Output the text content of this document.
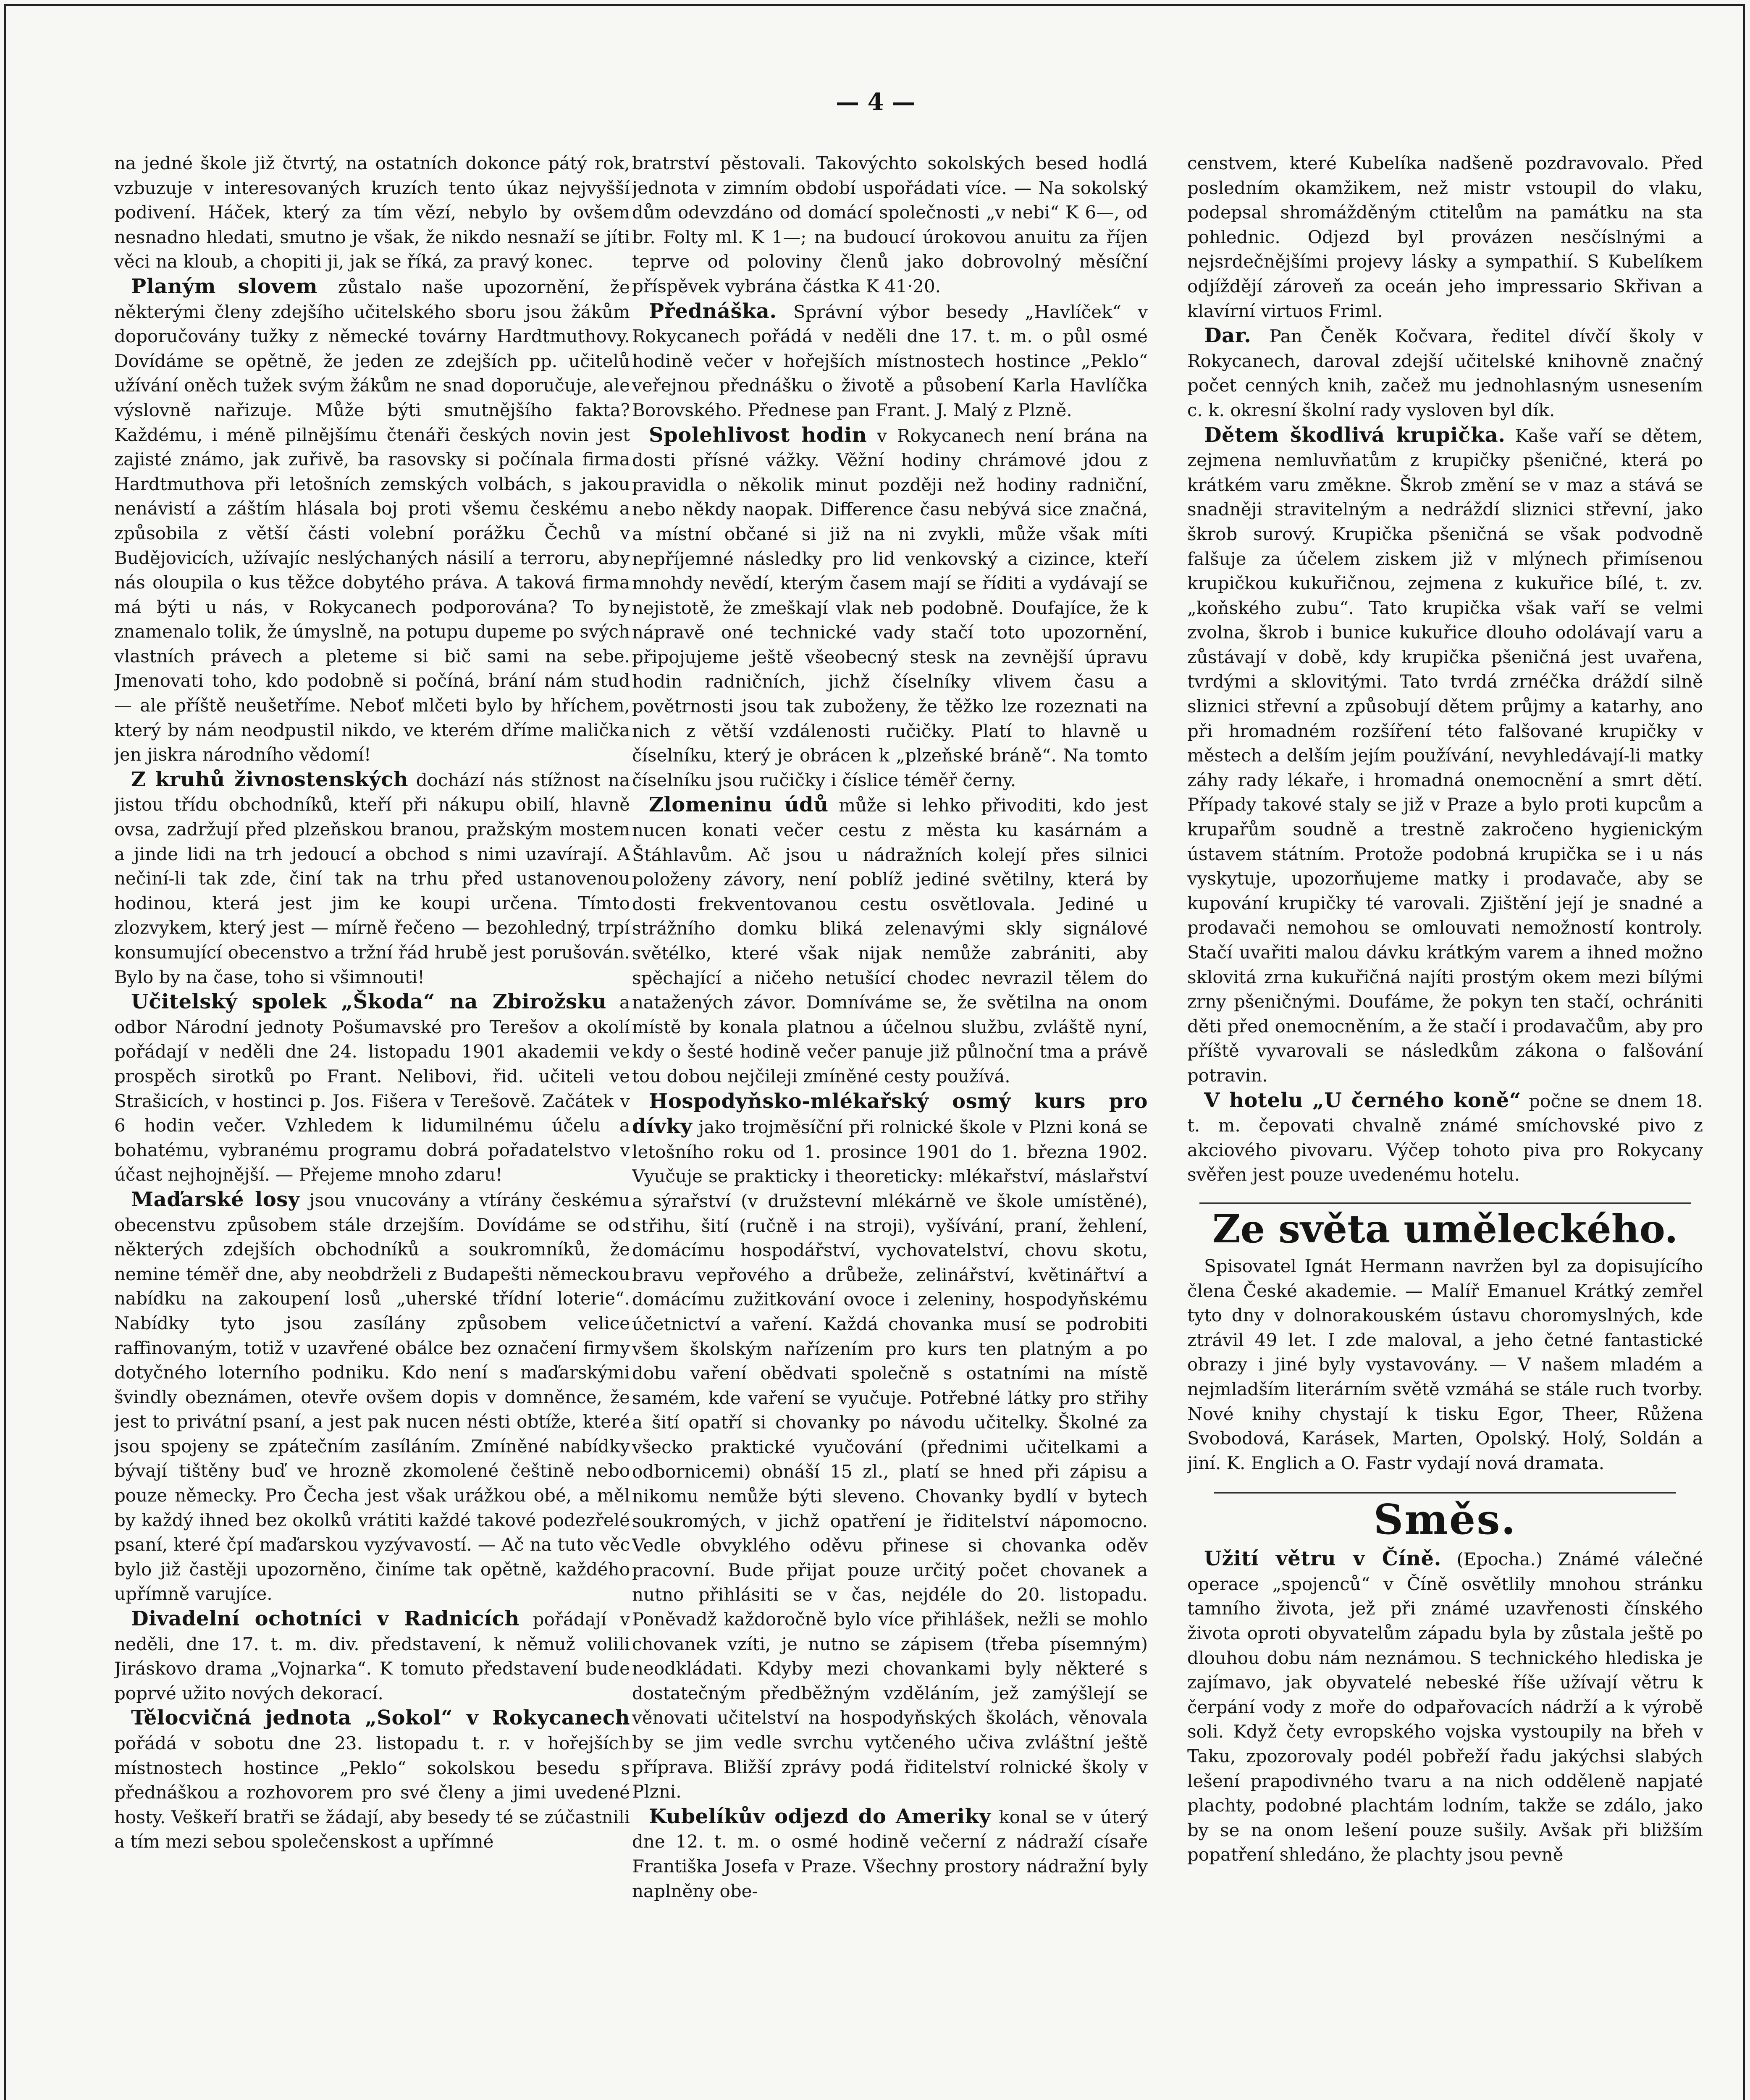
— 4 —

na jedné škole již čtvrtý, na ostatních dokonce pátý rok, vzbuzuje v interesovaných kruzích tento úkaz nejvyšší podivení. Háček, který za tím vězí, nebylo by ovšem nesnadno hledati, smutno je však, že nikdo nesnaží se jíti věci na kloub, a chopiti ji, jak se říká, za pravý konec.

Planým slovem zůstalo naše upozornění, že některými členy zdejšího učitelského sboru jsou žákům doporučovány tužky z německé továrny Hardtmuthovy. Dovídáme se opětně, že jeden ze zdejších pp. učitelů užívání oněch tužek svým žákům ne snad doporučuje, ale výslovně nařizuje. Může býti smutnějšího fakta? Každému, i méně pilnějšímu čtenáři českých novin jest zajisté známo, jak zuřivě, ba rasovsky si počínala firma Hardtmuthova při letošních zemských volbách, s jakou nenávistí a záštím hlásala boj proti všemu českému a způsobila z větší části volební porážku Čechů v Budějovicích, užívajíc neslýchaných násilí a terroru, aby nás oloupila o kus těžce dobytého práva. A taková firma má býti u nás, v Rokycanech podporována? To by znamenalo tolik, že úmyslně, na potupu dupeme po svých vlastních právech a pleteme si bič sami na sebe. Jmenovati toho, kdo podobně si počíná, brání nám stud — ale příště neušetříme. Neboť mlčeti bylo by hříchem, který by nám neodpustil nikdo, ve kterém dříme malička jen jiskra národního vědomí!

Z kruhů živnostenských dochází nás stížnost na jistou třídu obchodníků, kteří při nákupu obilí, hlavně ovsa, zadržují před plzeňskou branou, pražským mostem a jinde lidi na trh jedoucí a obchod s nimi uzavírají. A nečiní-li tak zde, činí tak na trhu před ustanovenou hodinou, která jest jim ke koupi určena. Tímto zlozvykem, který jest — mírně řečeno — bezohledný, trpí konsumující obecenstvo a tržní řád hrubě jest porušován. Bylo by na čase, toho si všimnouti!

Učitelský spolek „Škoda“ na Zbirožsku a odbor Národní jednoty Pošumavské pro Terešov a okolí pořádají v neděli dne 24. listopadu 1901 akademii ve prospěch sirotků po Frant. Nelibovi, řid. učiteli ve Strašicích, v hostinci p. Jos. Fišera v Terešově. Začátek v 6 hodin večer. Vzhledem k lidumilnému účelu a bohatému, vybranému programu dobrá pořadatelstvo v účast nejhojnější. — Přejeme mnoho zdaru!

Maďarské losy jsou vnucovány a vtírány českému obecenstvu způsobem stále drzejším. Dovídáme se od některých zdejších obchodníků a soukromníků, že nemine téměř dne, aby neobdrželi z Budapešti německou nabídku na zakoupení losů „uherské třídní loterie“. Nabídky tyto jsou zasílány způsobem velice raffinovaným, totiž v uzavřené obálce bez označení firmy dotyčného loterního podniku. Kdo není s maďarskými švindly obeznámen, otevře ovšem dopis v domněnce, že jest to privátní psaní, a jest pak nucen nésti obtíže, které jsou spojeny se zpátečním zasíláním. Zmíněné nabídky bývají tištěny buď ve hrozně zkomolené češtině nebo pouze německy. Pro Čecha jest však urážkou obé, a měl by každý ihned bez okolků vrátiti každé takové podezřelé psaní, které čpí maďarskou vyzývavostí. — Ač na tuto věc bylo již častěji upozorněno, činíme tak opětně, každého upřímně varujíce.

Divadelní ochotníci v Radnicích pořádají v neděli, dne 17. t. m. div. představení, k němuž volili Jiráskovo drama „Vojnarka“. K tomuto představení bude poprvé užito nových dekorací.

Tělocvičná jednota „Sokol“ v Rokycanech pořádá v sobotu dne 23. listopadu t. r. v hořejších místnostech hostince „Peklo“ sokolskou besedu s přednáškou a rozhovorem pro své členy a jimi uvedené hosty. Veškeří bratři se žádají, aby besedy té se zúčastnili a tím mezi sebou společenskost a upřímné

bratrství pěstovali. Takovýchto sokolských besed hodlá jednota v zimním období uspořádati více. — Na sokolský dům odevzdáno od domácí společnosti „v nebi“ K 6—, od br. Folty ml. K 1—; na budoucí úrokovou anuitu za říjen teprve od poloviny členů jako dobrovolný měsíční příspěvek vybrána částka K 41·20.

Přednáška. Správní výbor besedy „Havlíček“ v Rokycanech pořádá v neděli dne 17. t. m. o půl osmé hodině večer v hořejších místnostech hostince „Peklo“ veřejnou přednášku o životě a působení Karla Havlíčka Borovského. Přednese pan Frant. J. Malý z Plzně.

Spolehlivost hodin v Rokycanech není brána na dosti přísné vážky. Věžní hodiny chrámové jdou z pravidla o několik minut později než hodiny radniční, nebo někdy naopak. Difference času nebývá sice značná, a místní občané si již na ni zvykli, může však míti nepříjemné následky pro lid venkovský a cizince, kteří mnohdy nevědí, kterým časem mají se říditi a vydávají se nejistotě, že zmeškají vlak neb podobně. Doufajíce, že k nápravě oné technické vady stačí toto upozornění, připojujeme ještě všeobecný stesk na zevnější úpravu hodin radničních, jichž číselníky vlivem času a povětrnosti jsou tak zuboženy, že těžko lze rozeznati na nich z větší vzdálenosti ručičky. Platí to hlavně u číselníku, který je obrácen k „plzeňské bráně“. Na tomto číselníku jsou ručičky i číslice téměř černy.

Zlomeninu údů může si lehko přivoditi, kdo jest nucen konati večer cestu z města ku kasárnám a Štáhlavům. Ač jsou u nádražních kolejí přes silnici položeny závory, není poblíž jediné světilny, která by dosti frekventovanou cestu osvětlovala. Jediné u strážního domku bliká zelenavými skly signálové světélko, které však nijak nemůže zabrániti, aby spěchající a ničeho netušící chodec nevrazil tělem do natažených závor. Domníváme se, že světilna na onom místě by konala platnou a účelnou službu, zvláště nyní, kdy o šesté hodině večer panuje již půlnoční tma a právě tou dobou nejčileji zmíněné cesty používá.

Hospodyňsko-mlékařský osmý kurs pro dívky jako trojměsíční při rolnické škole v Plzni koná se letošního roku od 1. prosince 1901 do 1. března 1902. Vyučuje se prakticky i theoreticky: mlékařství, máslařství a sýrařství (v družstevní mlékárně ve škole umístěné), střihu, šití (ručně i na stroji), vyšívání, praní, žehlení, domácímu hospodářství, vychovatelství, chovu skotu, bravu vepřového a drůbeže, zelinářství, květinářtví a domácímu zužitkování ovoce i zeleniny, hospodyňskému účetnictví a vaření. Každá chovanka musí se podrobiti všem školským nařízením pro kurs ten platným a po dobu vaření obědvati společně s ostatními na místě samém, kde vaření se vyučuje. Potřebné látky pro střihy a šití opatří si chovanky po návodu učitelky. Školné za všecko praktické vyučování (přednimi učitelkami a odbornicemi) obnáší 15 zl., platí se hned při zápisu a nikomu nemůže býti sleveno. Chovanky bydlí v bytech soukromých, v jichž opatření je řiditelství nápomocno. Vedle obvyklého oděvu přinese si chovanka oděv pracovní. Bude přijat pouze určitý počet chovanek a nutno přihlásiti se v čas, nejdéle do 20. listopadu. Poněvadž každoročně bylo více přihlášek, nežli se mohlo chovanek vzíti, je nutno se zápisem (třeba písemným) neodkládati. Kdyby mezi chovankami byly některé s dostatečným předběžným vzděláním, jež zamýšlejí se věnovati učitelství na hospodyňských školách, věnovala by se jim vedle svrchu vytčeného učiva zvláštní ještě příprava. Bližší zprávy podá řiditelství rolnické školy v Plzni.

Kubelíkův odjezd do Ameriky konal se v úterý dne 12. t. m. o osmé hodině večerní z nádraží císaře Františka Josefa v Praze. Všechny prostory nádražní byly naplněny obe-

censtvem, které Kubelíka nadšeně pozdravovalo. Před posledním okamžikem, než mistr vstoupil do vlaku, podepsal shromážděným ctitelům na památku na sta pohlednic. Odjezd byl provázen nesčíslnými a nejsrdečnějšími projevy lásky a sympathií. S Kubelíkem odjíždějí zároveň za oceán jeho impressario Skřivan a klavírní virtuos Friml.

Dar. Pan Čeněk Kočvara, ředitel dívčí školy v Rokycanech, daroval zdejší učitelské knihovně značný počet cenných knih, začež mu jednohlasným usnesením c. k. okresní školní rady vysloven byl dík.

Dětem škodlivá krupička. Kaše vaří se dětem, zejmena nemluvňatům z krupičky pšeničné, která po krátkém varu změkne. Škrob změní se v maz a stává se snadněji stravitelným a nedráždí sliznici střevní, jako škrob surový. Krupička pšeničná se však podvodně falšuje za účelem ziskem již v mlýnech přimísenou krupičkou kukuřičnou, zejmena z kukuřice bílé, t. zv. „koňského zubu“. Tato krupička však vaří se velmi zvolna, škrob i bunice kukuřice dlouho odolávají varu a zůstávají v době, kdy krupička pšeničná jest uvařena, tvrdými a sklovitými. Tato tvrdá zrnéčka dráždí silně sliznici střevní a způsobují dětem průjmy a katarhy, ano při hromadném rozšíření této falšované krupičky v městech a delším jejím používání, nevyhledávají-li matky záhy rady lékaře, i hromadná onemocnění a smrt dětí. Případy takové staly se již v Praze a bylo proti kupcům a krupařům soudně a trestně zakročeno hygienickým ústavem státním. Protože podobná krupička se i u nás vyskytuje, upozorňujeme matky i prodavače, aby se kupování krupičky té varovali. Zjištění její je snadné a prodavači nemohou se omlouvati nemožností kontroly. Stačí uvařiti malou dávku krátkým varem a ihned možno sklovitá zrna kukuřičná najíti prostým okem mezi bílými zrny pšeničnými. Doufáme, že pokyn ten stačí, ochrániti děti před onemocněním, a že stačí i prodavačům, aby pro příště vyvarovali se následkům zákona o falšování potravin.

V hotelu „U černého koně“ počne se dnem 18. t. m. čepovati chvalně známé smíchovské pivo z akciového pivovaru. Výčep tohoto piva pro Rokycany svěřen jest pouze uvedenému hotelu.

Ze světa uměleckého.

Spisovatel Ignát Hermann navržen byl za dopisujícího člena České akademie. — Malíř Emanuel Krátký zemřel tyto dny v dolnorakouském ústavu choromyslných, kde ztrávil 49 let. I zde maloval, a jeho četné fantastické obrazy i jiné byly vystavovány. — V našem mladém a nejmladším literárním světě vzmáhá se stále ruch tvorby. Nové knihy chystají k tisku Egor, Theer, Růžena Svobodová, Karásek, Marten, Opolský. Holý, Soldán a jiní. K. Englich a O. Fastr vydají nová dramata.

Směs.

Užití větru v Číně. (Epocha.) Známé válečné operace „spojenců“ v Číně osvětlily mnohou stránku tamního života, jež při známé uzavřenosti čínského života oproti obyvatelům západu byla by zůstala ještě po dlouhou dobu nám neznámou. S technického hlediska je zajímavo, jak obyvatelé nebeské říše užívají větru k čerpání vody z moře do odpařovacích nádrží a k výrobě soli. Když čety evropského vojska vystoupily na břeh v Taku, zpozorovaly podél pobřeží řadu jakýchsi slabých lešení prapodivného tvaru a na nich odděleně napjaté plachty, podobné plachtám lodním, takže se zdálo, jako by se na onom lešení pouze sušily. Avšak při bližším popatření shledáno, že plachty jsou pevně
